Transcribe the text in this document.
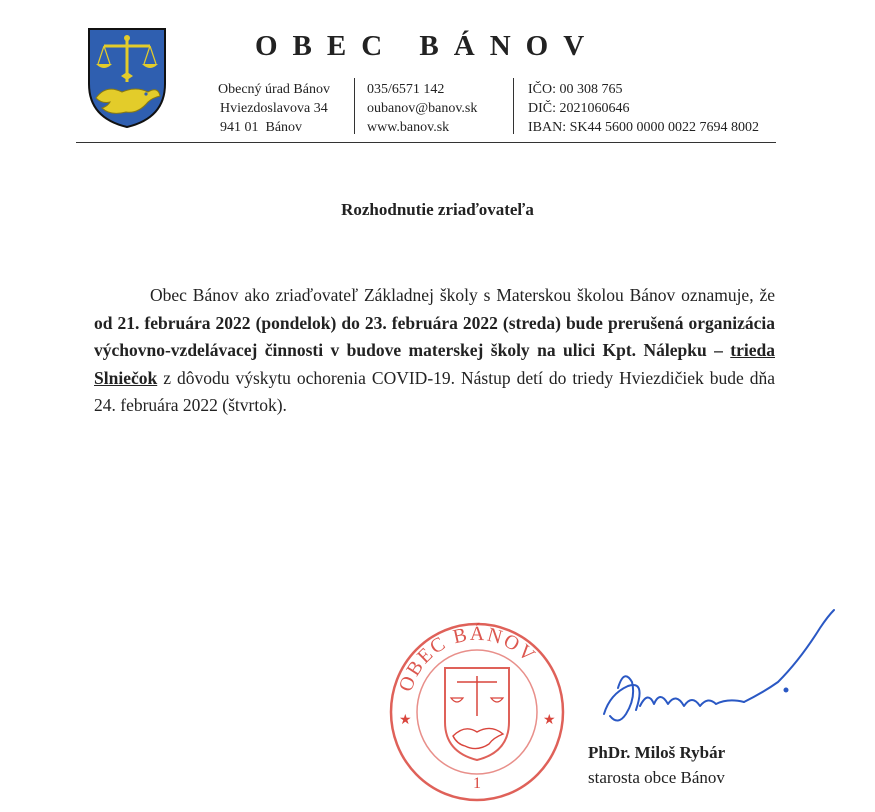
OBEC BÁNOV
Obecný úrad Bánov
Hviezdoslavova 34
941 01  Bánov
035/6571 142
oubanov@banov.sk
www.banov.sk
IČO: 00 308 765
DIČ: 2021060646
IBAN: SK44 5600 0000 0022 7694 8002
Rozhodnutie zriaďovateľa
Obec Bánov ako zriaďovateľ Základnej školy s Materskou školou Bánov oznamuje, že od 21. februára 2022 (pondelok) do 23. februára 2022 (streda) bude prerušená organizácia výchovno-vzdelávacej činnosti v budove materskej školy na ulici Kpt. Nálepku – trieda Slniečok z dôvodu výskytu ochorenia COVID-19. Nástup detí do triedy Hviezdičiek bude dňa 24. februára 2022 (štvrtok).
OBEC BÁNOV
★	★
1
PhDr. Miloš Rybár
starosta obce Bánov
